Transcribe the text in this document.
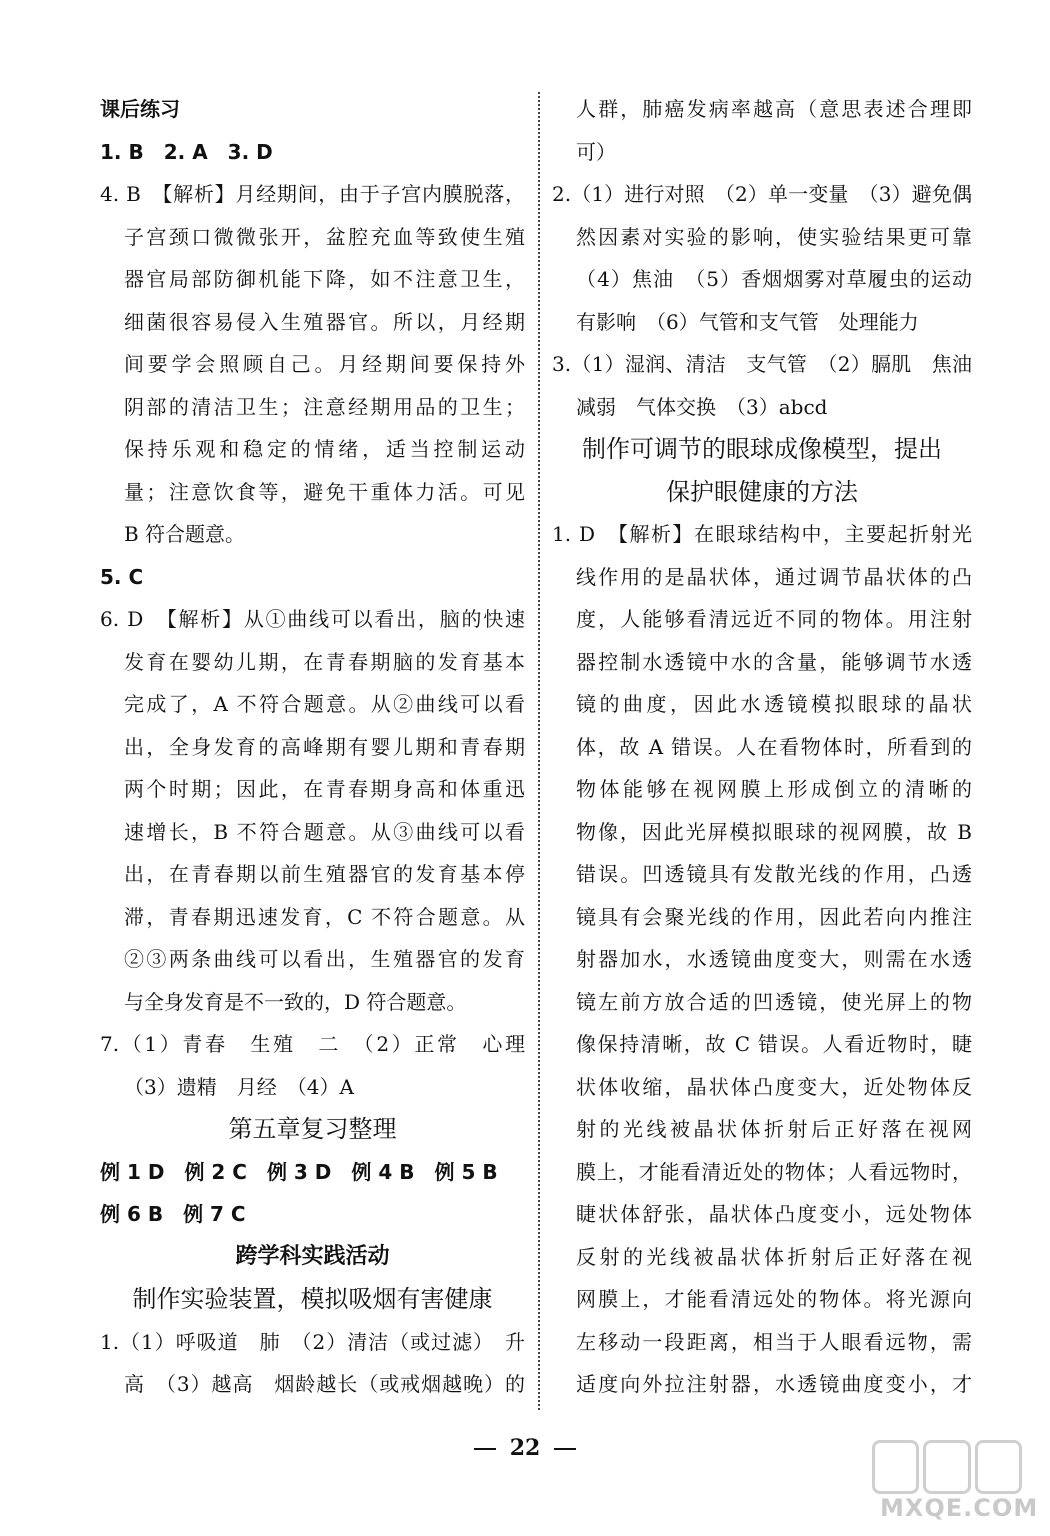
课后练习
1. B　2. A　3. D
4. B　【解析】月经期间，由于子宫内膜脱落，
子宫颈口微微张开，盆腔充血等致使生殖
器官局部防御机能下降，如不注意卫生，
细菌很容易侵入生殖器官。所以，月经期
间要学会照顾自己。月经期间要保持外
阴部的清洁卫生；注意经期用品的卫生；
保持乐观和稳定的情绪，适当控制运动
量；注意饮食等，避免干重体力活。可见
B 符合题意。
5. C
6. D　【解析】从①曲线可以看出，脑的快速
发育在婴幼儿期，在青春期脑的发育基本
完成了，A 不符合题意。从②曲线可以看
出，全身发育的高峰期有婴儿期和青春期
两个时期；因此，在青春期身高和体重迅
速增长，B 不符合题意。从③曲线可以看
出，在青春期以前生殖器官的发育基本停
滞，青春期迅速发育，C 不符合题意。从
②③两条曲线可以看出，生殖器官的发育
与全身发育是不一致的，D 符合题意。
7.（1）青春　生殖　二　（2）正常　心理
（3）遗精　月经　（4）A
第五章复习整理
例 1 D　例 2 C　例 3 D　例 4 B　例 5 B
例 6 B　例 7 C
跨学科实践活动
制作实验装置，模拟吸烟有害健康
1.（1）呼吸道　肺　（2）清洁（或过滤）　升
高　（3）越高　烟龄越长（或戒烟越晚）的
人群，肺癌发病率越高（意思表述合理即
可）
2.（1）进行对照　（2）单一变量　（3）避免偶
然因素对实验的影响，使实验结果更可靠
（4）焦油　（5）香烟烟雾对草履虫的运动
有影响　（6）气管和支气管　处理能力
3.（1）湿润、清洁　支气管　（2）膈肌　焦油
减弱　气体交换　（3）abcd
制作可调节的眼球成像模型，提出
保护眼健康的方法
1. D　【解析】在眼球结构中，主要起折射光
线作用的是晶状体，通过调节晶状体的凸
度，人能够看清远近不同的物体。用注射
器控制水透镜中水的含量，能够调节水透
镜的曲度，因此水透镜模拟眼球的晶状
体，故 A 错误。人在看物体时，所看到的
物体能够在视网膜上形成倒立的清晰的
物像，因此光屏模拟眼球的视网膜，故 B
错误。凹透镜具有发散光线的作用，凸透
镜具有会聚光线的作用，因此若向内推注
射器加水，水透镜曲度变大，则需在水透
镜左前方放合适的凹透镜，使光屏上的物
像保持清晰，故 C 错误。人看近物时，睫
状体收缩，晶状体凸度变大，近处物体反
射的光线被晶状体折射后正好落在视网
膜上，才能看清近处的物体；人看远物时，
睫状体舒张，晶状体凸度变小，远处物体
反射的光线被晶状体折射后正好落在视
网膜上，才能看清远处的物体。将光源向
左移动一段距离，相当于人眼看远物，需
适度向外拉注射器，水透镜曲度变小，才
22
MXQE.COM
